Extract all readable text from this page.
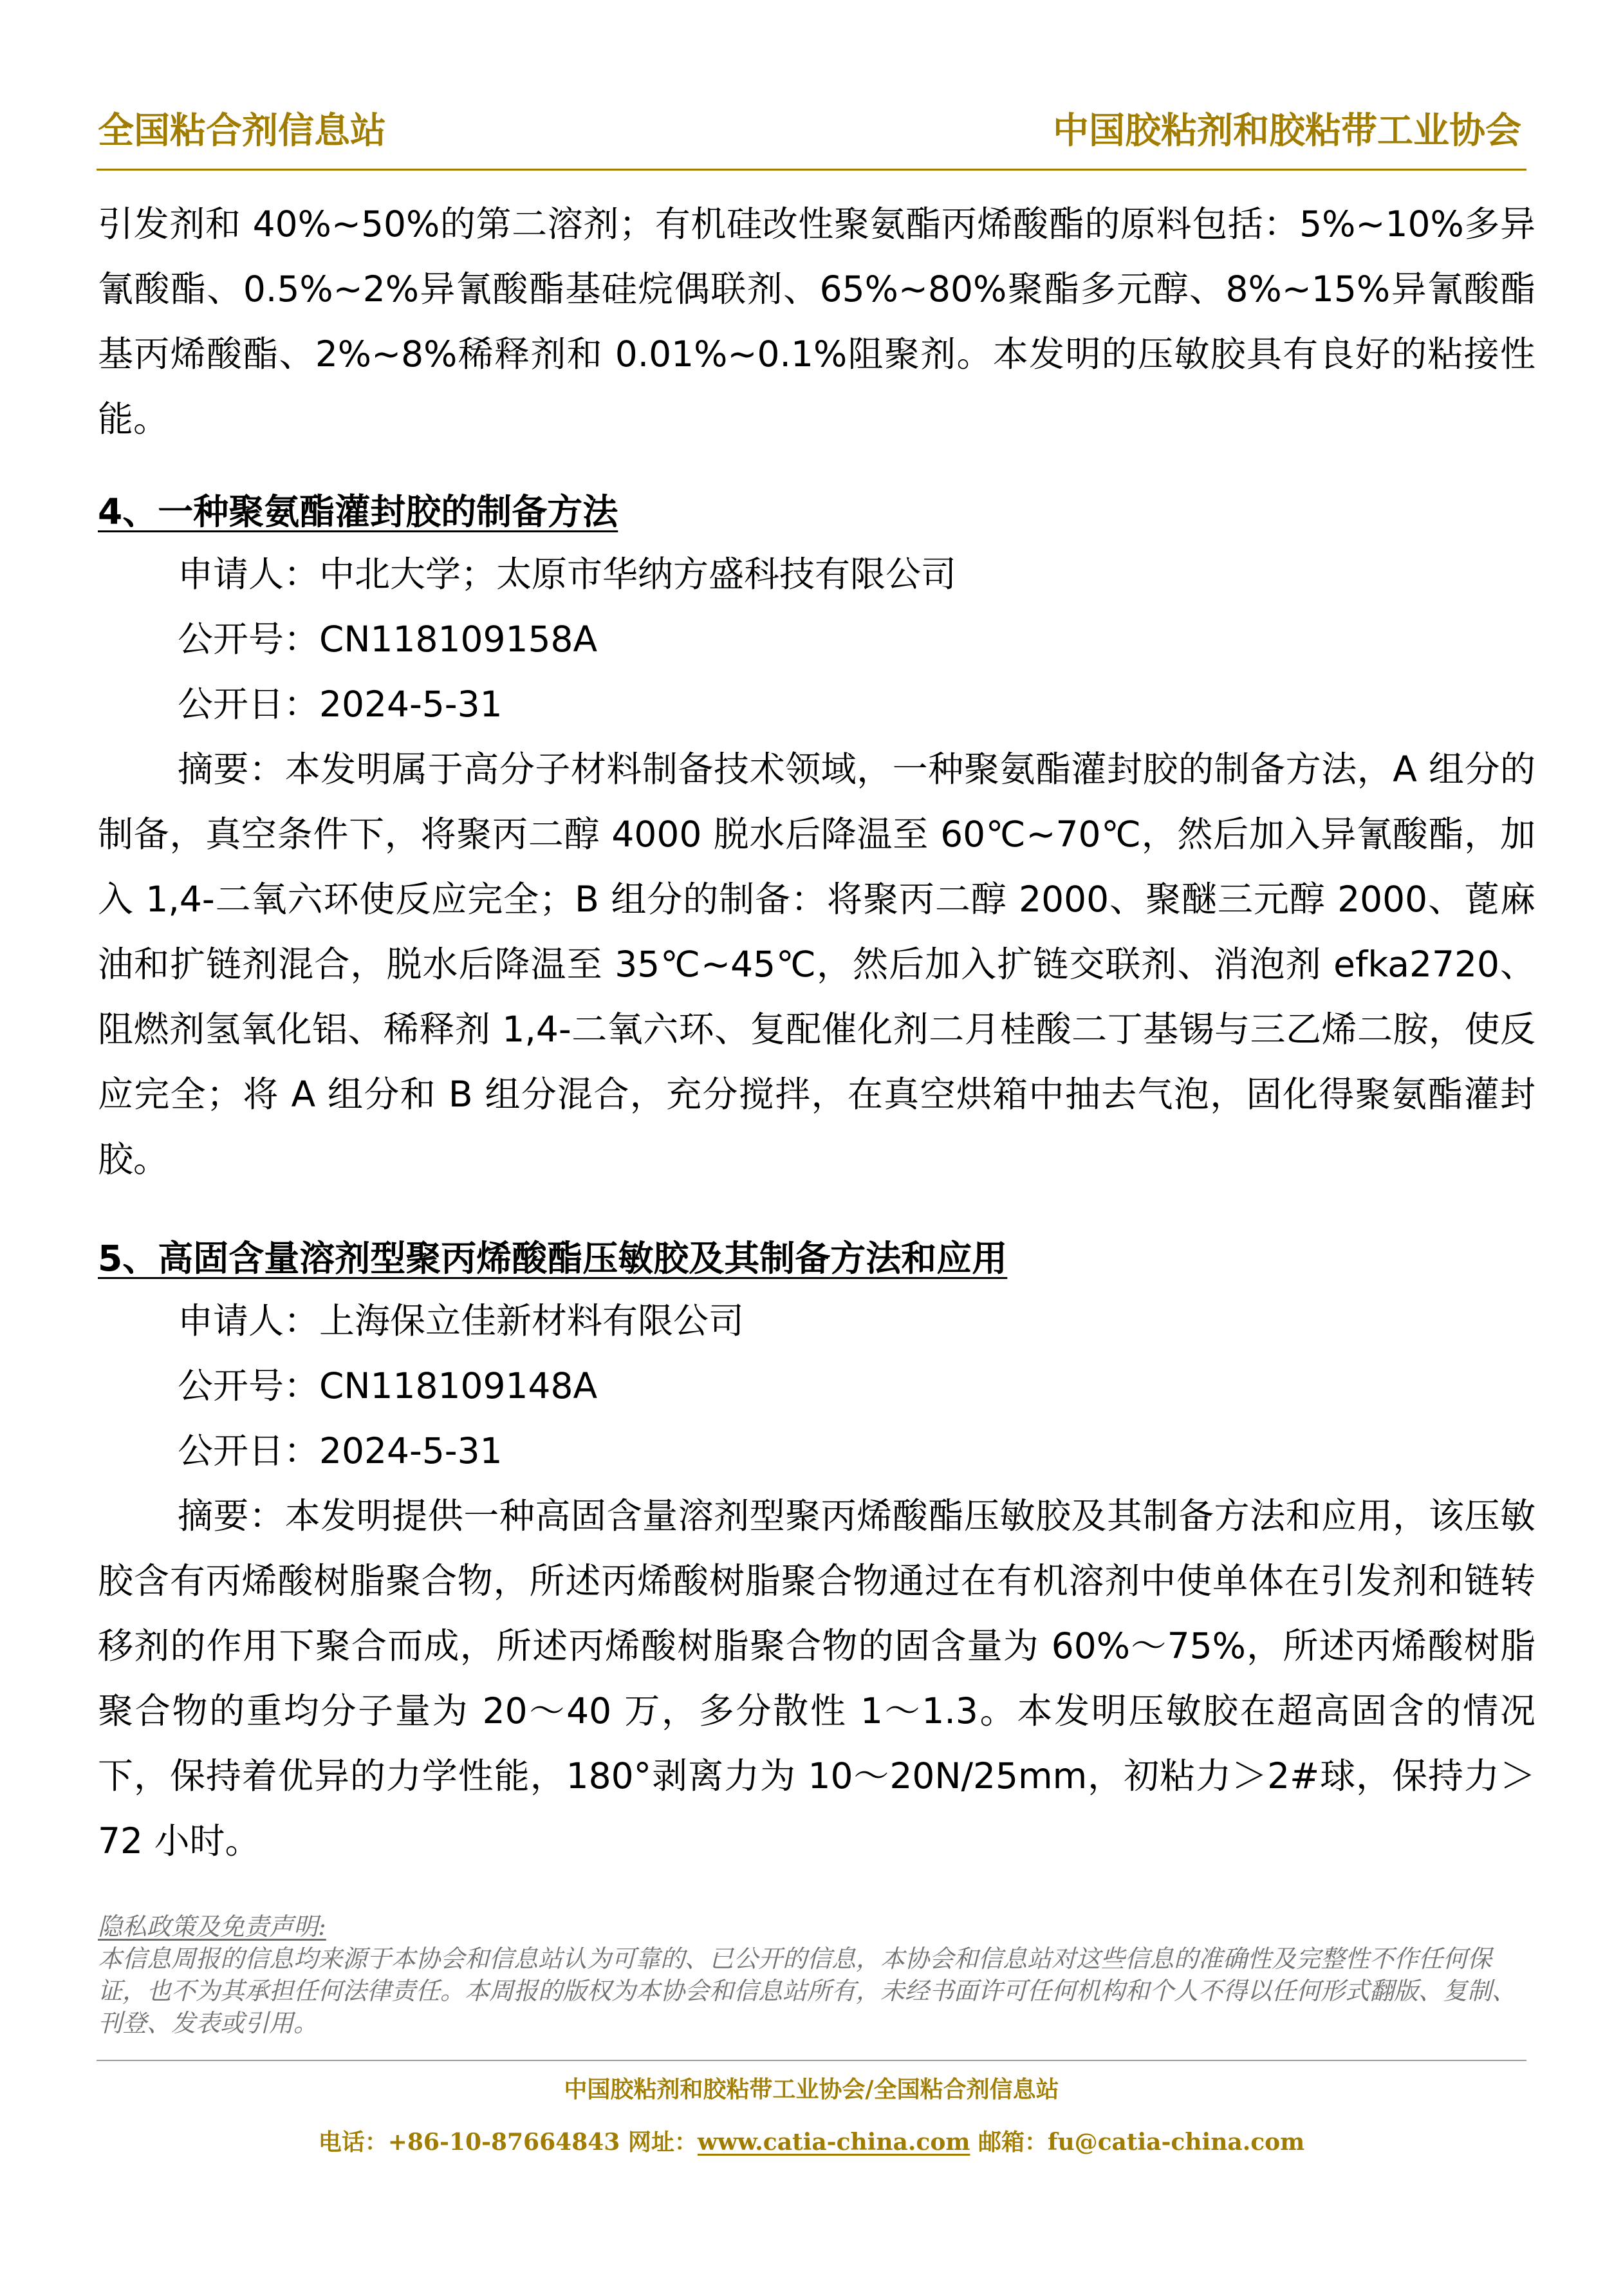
全国粘合剂信息站	中国胶粘剂和胶粘带工业协会
引发剂和 40%~50%的第二溶剂；有机硅改性聚氨酯丙烯酸酯的原料包括：5%~10%多异氰酸酯、0.5%~2%异氰酸酯基硅烷偶联剂、65%~80%聚酯多元醇、8%~15%异氰酸酯基丙烯酸酯、2%~8%稀释剂和 0.01%~0.1%阻聚剂。本发明的压敏胶具有良好的粘接性能。
4、一种聚氨酯灌封胶的制备方法
申请人：中北大学；太原市华纳方盛科技有限公司
公开号：CN118109158A
公开日：2024-5-31
摘要：本发明属于高分子材料制备技术领域，一种聚氨酯灌封胶的制备方法，A 组分的制备，真空条件下，将聚丙二醇 4000 脱水后降温至 60℃~70℃，然后加入异氰酸酯，加入 1,4-二氧六环使反应完全；B 组分的制备：将聚丙二醇 2000、聚醚三元醇 2000、蓖麻油和扩链剂混合，脱水后降温至 35℃~45℃，然后加入扩链交联剂、消泡剂 efka2720、阻燃剂氢氧化铝、稀释剂 1,4-二氧六环、复配催化剂二月桂酸二丁基锡与三乙烯二胺，使反应完全；将 A 组分和 B 组分混合，充分搅拌，在真空烘箱中抽去气泡，固化得聚氨酯灌封胶。
5、高固含量溶剂型聚丙烯酸酯压敏胶及其制备方法和应用
申请人：上海保立佳新材料有限公司
公开号：CN118109148A
公开日：2024-5-31
摘要：本发明提供一种高固含量溶剂型聚丙烯酸酯压敏胶及其制备方法和应用，该压敏胶含有丙烯酸树脂聚合物，所述丙烯酸树脂聚合物通过在有机溶剂中使单体在引发剂和链转移剂的作用下聚合而成，所述丙烯酸树脂聚合物的固含量为 60%～75%，所述丙烯酸树脂聚合物的重均分子量为 20～40 万，多分散性 1～1.3。本发明压敏胶在超高固含的情况下，保持着优异的力学性能，180°剥离力为 10～20N/25mm，初粘力＞2#球，保持力＞72 小时。
隐私政策及免责声明:
本信息周报的信息均来源于本协会和信息站认为可靠的、已公开的信息，本协会和信息站对这些信息的准确性及完整性不作任何保证，也不为其承担任何法律责任。本周报的版权为本协会和信息站所有，未经书面许可任何机构和个人不得以任何形式翻版、复制、刊登、发表或引用。
中国胶粘剂和胶粘带工业协会/全国粘合剂信息站
电话：+86-10-87664843 网址：www.catia-china.com 邮箱：fu@catia-china.com
